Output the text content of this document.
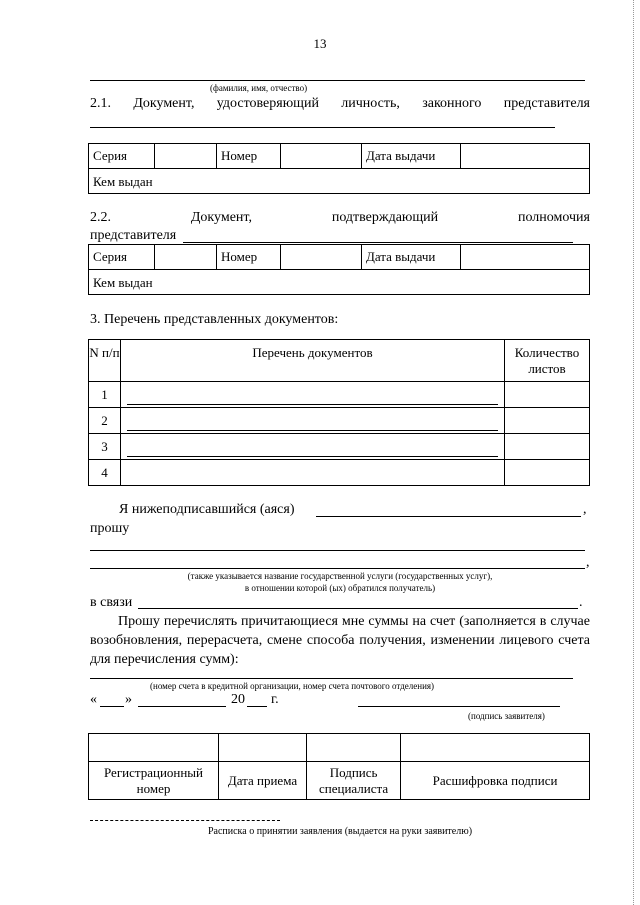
13
(фамилия, имя, отчество)
2.1. Документ, удостоверяющий личность, законного представителя
Серия		Номер		Дата выдачи	
Кем выдан
2.2. Документ, подтверждающий полномочия
представителя
Серия		Номер		Дата выдачи	
Кем выдан
3. Перечень представленных документов:
N п/п	Перечень документов	Количество листов
1	

2	

3	

4		
Я нижеподписавшийся (аяся)	,
прошу
,
(также указывается название государственной услуги (государственных услуг),
в отношении которой (ых) обратился получатель)
в связи	.
Прошу перечислять причитающиеся мне суммы на счет (заполняется в случае возобновления, перерасчета, смене способа получения, изменении лицевого счета для перечисления сумм):
(номер счета в кредитной организации, номер счета почтового отделения)
« »	20 г.
(подпись заявителя)

Регистрационный номер	Дата приема	Подпись специалиста	Расшифровка подписи
Расписка о принятии заявления (выдается на руки заявителю)
